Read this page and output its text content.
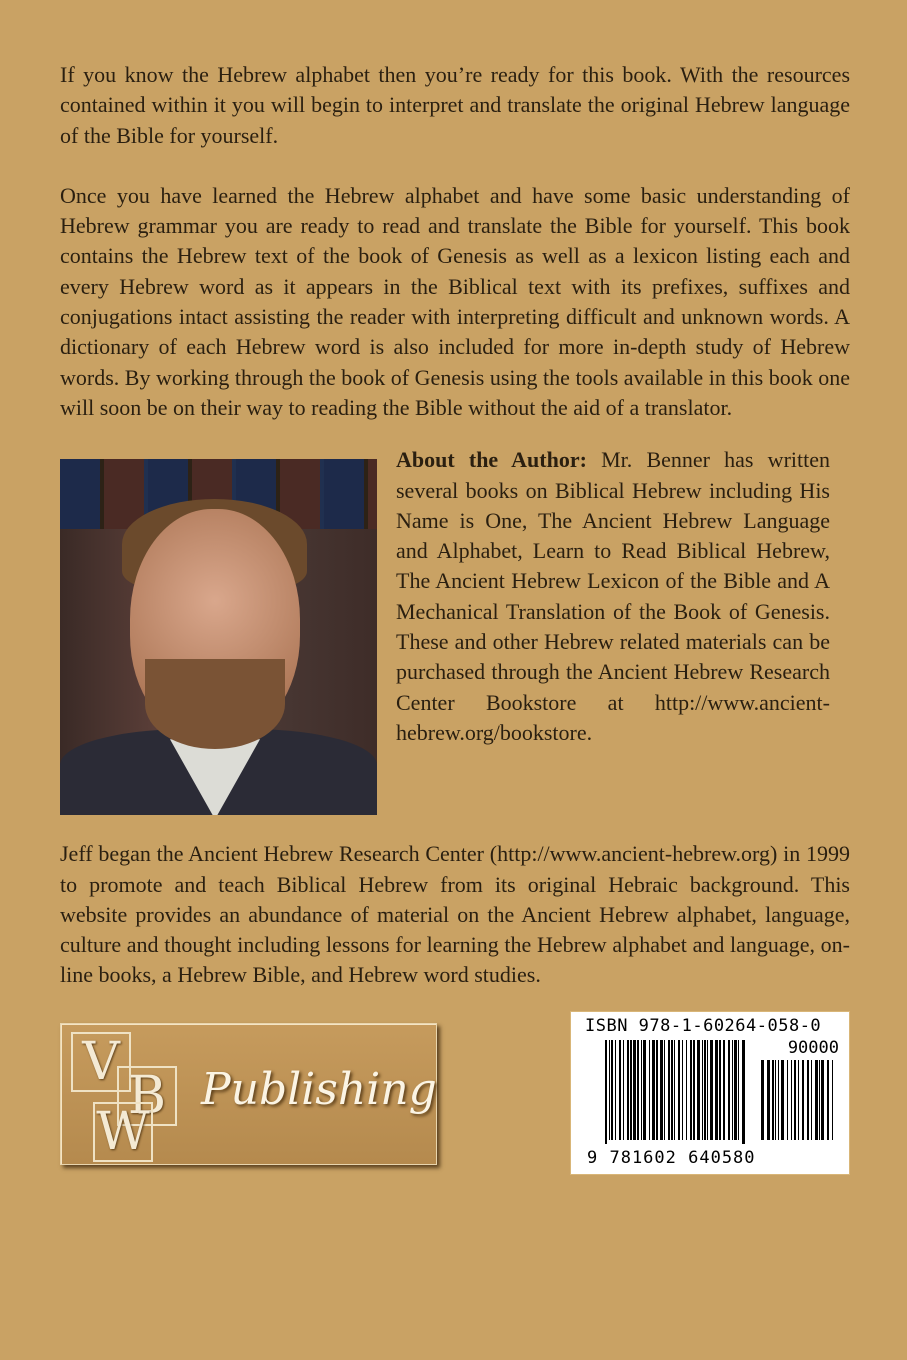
If you know the Hebrew alphabet then you’re ready for this book. With the resources contained within it you will begin to interpret and translate the original Hebrew language of the Bible for yourself.

Once you have learned the Hebrew alphabet and have some basic understanding of Hebrew grammar you are ready to read and translate the Bible for yourself. This book contains the Hebrew text of the book of Genesis as well as a lexicon listing each and every Hebrew word as it appears in the Biblical text with its prefixes, suffixes and conjugations intact assisting the reader with interpreting difficult and unknown words. A dictionary of each Hebrew word is also included for more in-depth study of Hebrew words. By working through the book of Genesis using the tools available in this book one will soon be on their way to reading the Bible without the aid of a translator.

About the Author: Mr. Benner has written several books on Biblical Hebrew including His Name is One, The Ancient Hebrew Language and Alphabet, Learn to Read Biblical Hebrew, The Ancient Hebrew Lexicon of the Bible and A Mechanical Translation of the Book of Genesis. These and other Hebrew related materials can be purchased through the Ancient Hebrew Research Center Bookstore at http://www.ancient-hebrew.org/bookstore.

Jeff began the Ancient Hebrew Research Center (http://www.ancient-hebrew.org) in 1999 to promote and teach Biblical Hebrew from its original Hebraic background. This website provides an abundance of material on the Ancient Hebrew alphabet, language, culture and thought including lessons for learning the Hebrew alphabet and language, on-line books, a Hebrew Bible, and Hebrew word studies.

V
B
W
Publishing
ISBN 978-1-60264-058-0
90000
9 781602 640580
